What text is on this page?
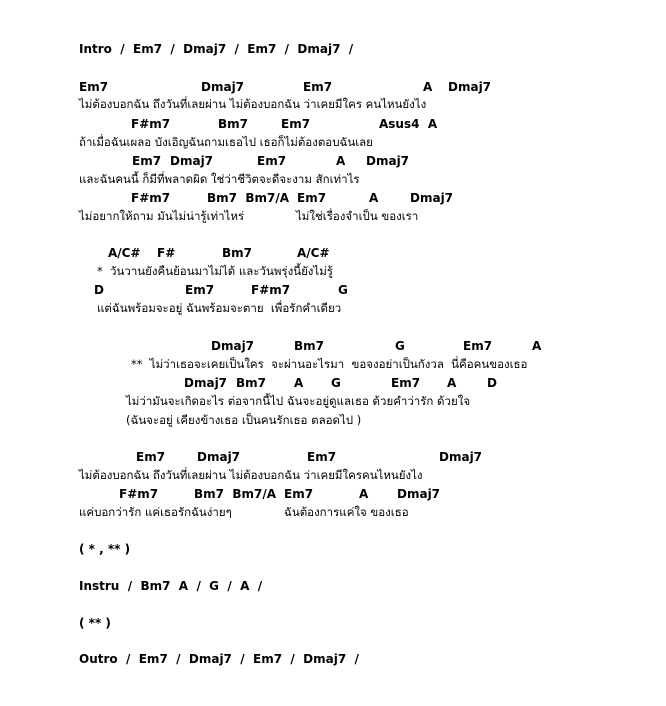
Intro  /  Em7  /  Dmaj7  /  Em7  /  Dmaj7  /
Em7	Dmaj7	Em7	A Dmaj7
ไม่ต้องบอกฉัน ถึงวันที่เลยผ่าน ไม่ต้องบอกฉัน ว่าเคยมีใคร คนไหนยังไง
F#m7	Bm7	Em7	Asus4  A
ถ้าเมื่อฉันเผลอ บังเอิญฉันถามเธอไป เธอก็ไม่ต้องตอบฉันเลย
Em7 Dmaj7	Em7	A Dmaj7
และฉันคนนี้ ก็มีที่พลาดผิด ใช่ว่าชีวิตจะดีจะงาม สักเท่าไร
F#m7	Bm7  Bm7/A Em7	A	Dmaj7
ไม่อยากให้ถาม มันไม่น่ารู้เท่าไหร่	ไม่ใช่เรื่องจำเป็น ของเรา
A/C# F#	Bm7	A/C#
*  วันวานยังคืนย้อนมาไม่ได้ และวันพรุ่งนี้ยังไม่รู้
D	Em7	F#m7	G
แต่ฉันพร้อมจะอยู่ ฉันพร้อมจะตาย  เพื่อรักคำเดียว
Dmaj7	Bm7	G	Em7	A
**  ไม่ว่าเธอจะเคยเป็นใคร  จะผ่านอะไรมา  ขอจงอย่าเป็นกังวล  นี่คือคนของเธอ
Dmaj7 Bm7 A G	Em7 A	D
ไม่ว่ามันจะเกิดอะไร ต่อจากนี้ไป ฉันจะอยู่ดูแลเธอ ด้วยคำว่ารัก ด้วยใจ
(ฉันจะอยู่ เคียงข้างเธอ เป็นคนรักเธอ ตลอดไป )
Em7	Dmaj7	Em7	Dmaj7
ไม่ต้องบอกฉัน ถึงวันที่เลยผ่าน ไม่ต้องบอกฉัน ว่าเคยมีใครคนไหนยังไง
F#m7	Bm7  Bm7/A Em7	A Dmaj7
แค่บอกว่ารัก แค่เธอรักฉันง่ายๆ	ฉันต้องการแค่ใจ ของเธอ
( * , ** )
Instru  /  Bm7  A  /  G  /  A  /
( ** )
Outro  /  Em7  /  Dmaj7  /  Em7  /  Dmaj7  /
